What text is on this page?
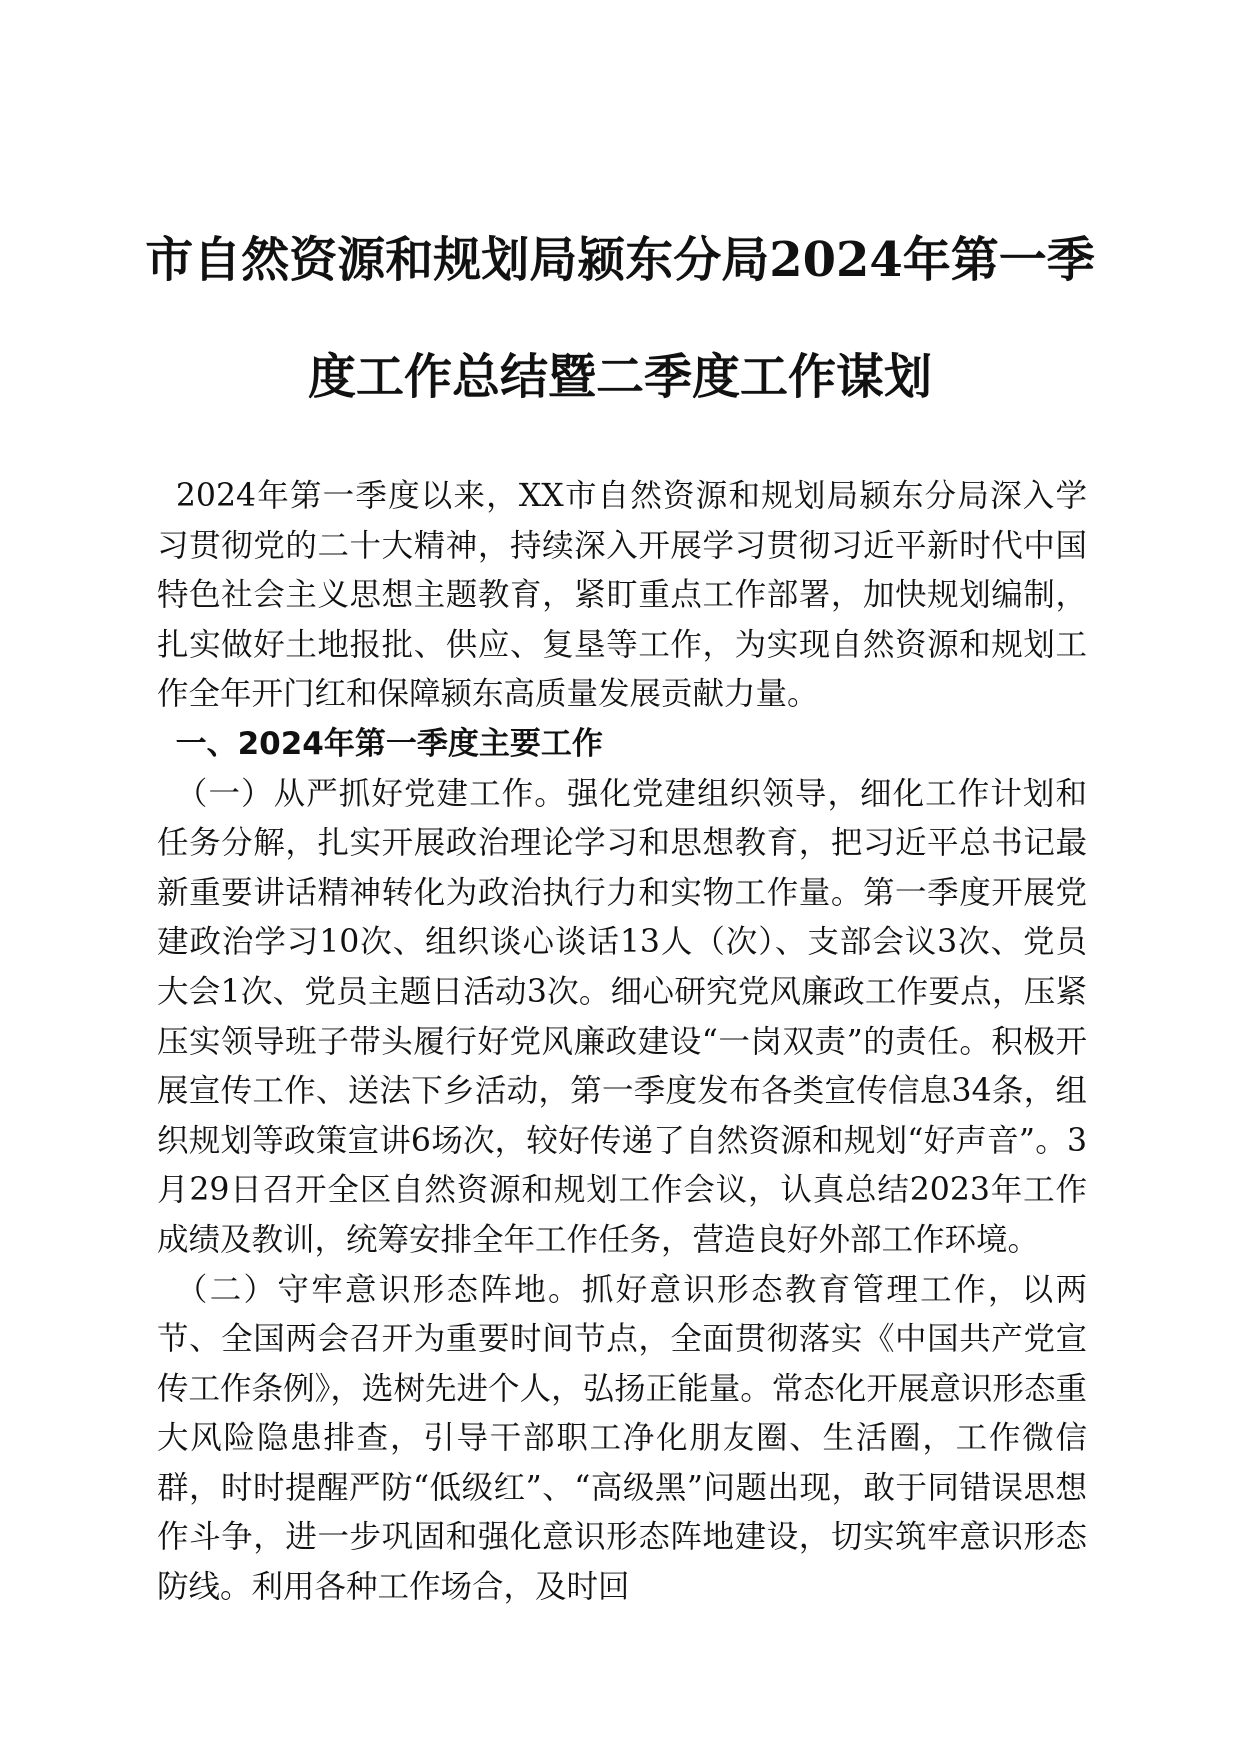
市自然资源和规划局颍东分局2024年第一季
度工作总结暨二季度工作谋划

2024年第一季度以来，XX市自然资源和规划局颍东分局深入学习贯彻党的二十大精神，持续深入开展学习贯彻习近平新时代中国特色社会主义思想主题教育，紧盯重点工作部署，加快规划编制，扎实做好土地报批、供应、复垦等工作，为实现自然资源和规划工作全年开门红和保障颍东高质量发展贡献力量。

一、2024年第一季度主要工作

（一）从严抓好党建工作。强化党建组织领导，细化工作计划和任务分解，扎实开展政治理论学习和思想教育，把习近平总书记最新重要讲话精神转化为政治执行力和实物工作量。第一季度开展党建政治学习10次、组织谈心谈话13人（次）、支部会议3次、党员大会1次、党员主题日活动3次。细心研究党风廉政工作要点，压紧压实领导班子带头履行好党风廉政建设“一岗双责”的责任。积极开展宣传工作、送法下乡活动，第一季度发布各类宣传信息34条，组织规划等政策宣讲6场次，较好传递了自然资源和规划“好声音”。3月29日召开全区自然资源和规划工作会议，认真总结2023年工作成绩及教训，统筹安排全年工作任务，营造良好外部工作环境。

（二）守牢意识形态阵地。抓好意识形态教育管理工作，以两节、全国两会召开为重要时间节点，全面贯彻落实《中国共产党宣传工作条例》，选树先进个人，弘扬正能量。常态化开展意识形态重大风险隐患排查，引导干部职工净化朋友圈、生活圈，工作微信群，时时提醒严防“低级红”、“高级黑”问题出现，敢于同错误思想作斗争，进一步巩固和强化意识形态阵地建设，切实筑牢意识形态防线。利用各种工作场合，及时回
